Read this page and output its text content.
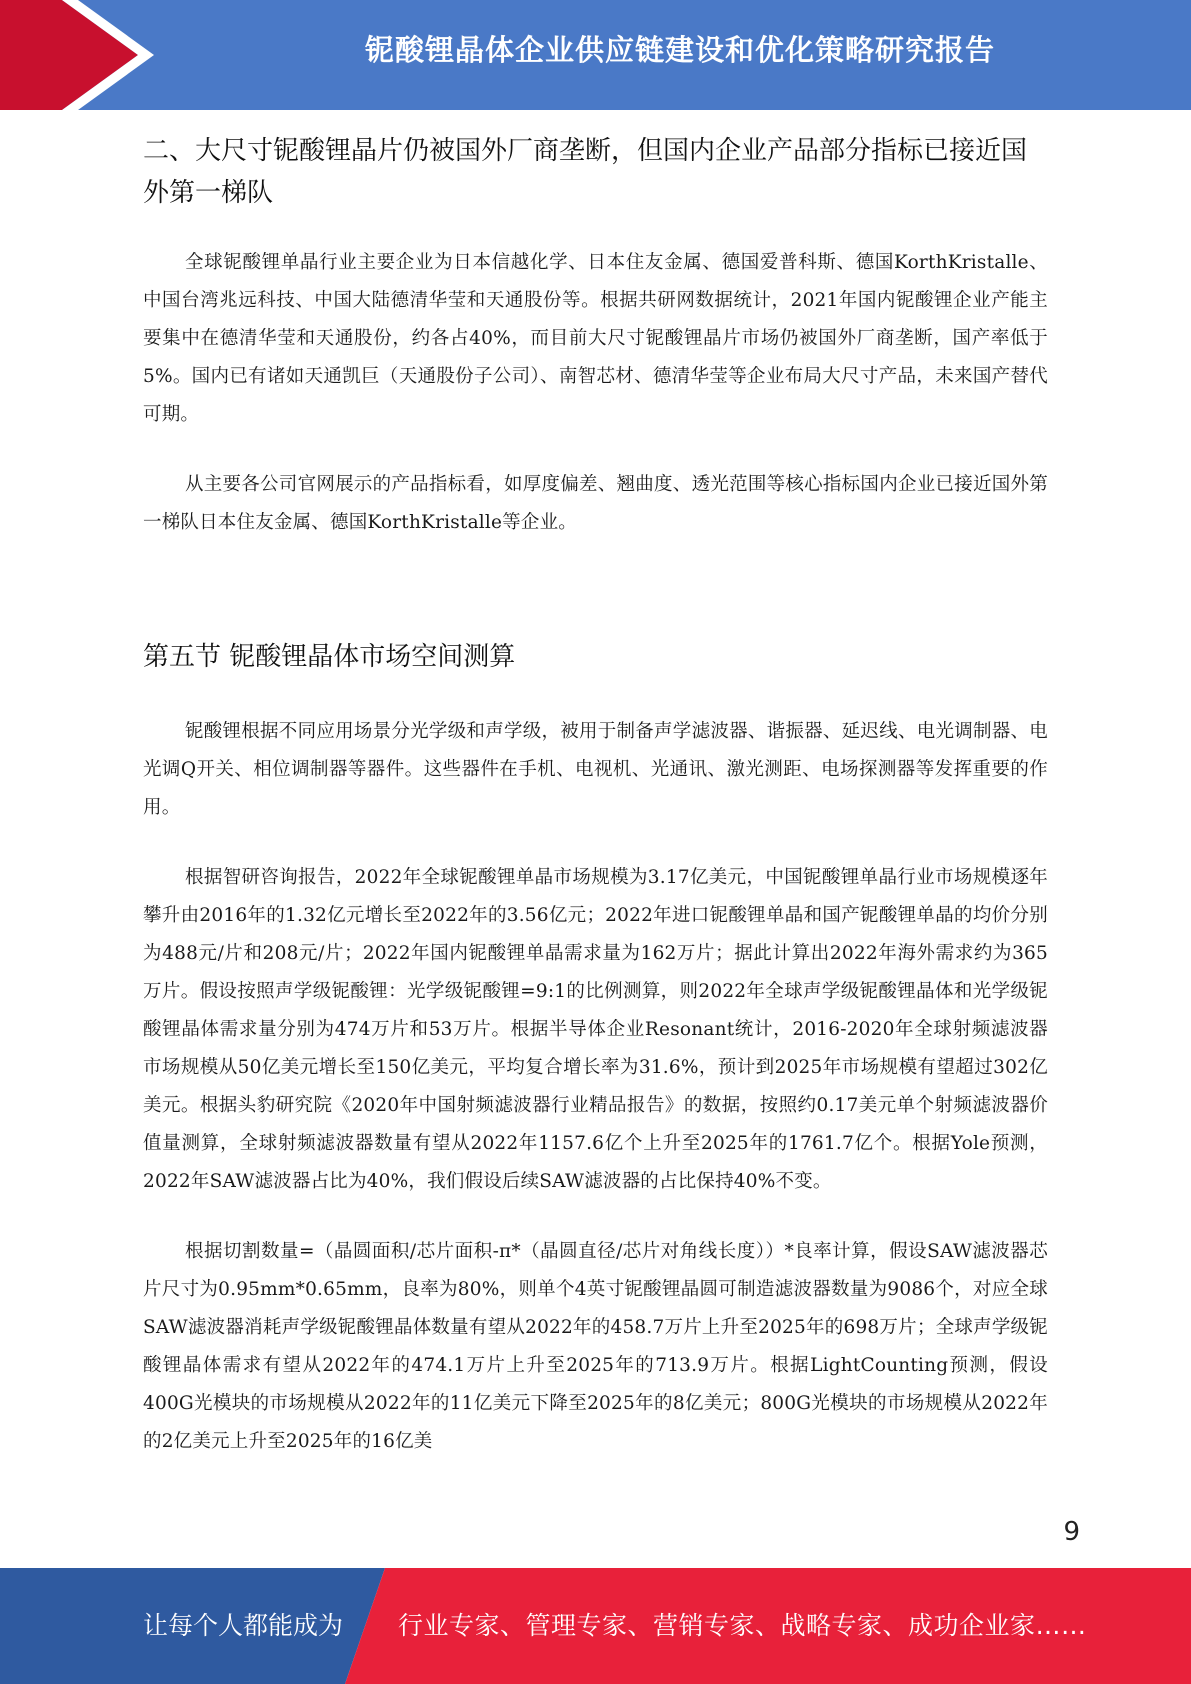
铌酸锂晶体企业供应链建设和优化策略研究报告
二、大尺寸铌酸锂晶片仍被国外厂商垄断，但国内企业产品部分指标已接近国外第一梯队

全球铌酸锂单晶行业主要企业为日本信越化学、日本住友金属、德国爱普科斯、德国KorthKristalle、中国台湾兆远科技、中国大陆德清华莹和天通股份等。根据共研网数据统计，2021年国内铌酸锂企业产能主要集中在德清华莹和天通股份，约各占40%，而目前大尺寸铌酸锂晶片市场仍被国外厂商垄断，国产率低于5%。国内已有诸如天通凯巨（天通股份子公司）、南智芯材、德清华莹等企业布局大尺寸产品，未来国产替代可期。

从主要各公司官网展示的产品指标看，如厚度偏差、翘曲度、透光范围等核心指标国内企业已接近国外第一梯队日本住友金属、德国KorthKristalle等企业。

第五节 铌酸锂晶体市场空间测算

铌酸锂根据不同应用场景分光学级和声学级，被用于制备声学滤波器、谐振器、延迟线、电光调制器、电光调Q开关、相位调制器等器件。这些器件在手机、电视机、光通讯、激光测距、电场探测器等发挥重要的作用。

根据智研咨询报告，2022年全球铌酸锂单晶市场规模为3.17亿美元，中国铌酸锂单晶行业市场规模逐年攀升由2016年的1.32亿元增长至2022年的3.56亿元；2022年进口铌酸锂单晶和国产铌酸锂单晶的均价分别为488元/片和208元/片；2022年国内铌酸锂单晶需求量为162万片；据此计算出2022年海外需求约为365万片。假设按照声学级铌酸锂：光学级铌酸锂=9:1的比例测算，则2022年全球声学级铌酸锂晶体和光学级铌酸锂晶体需求量分别为474万片和53万片。根据半导体企业Resonant统计，2016-2020年全球射频滤波器市场规模从50亿美元增长至150亿美元，平均复合增长率为31.6%，预计到2025年市场规模有望超过302亿美元。根据头豹研究院《2020年中国射频滤波器行业精品报告》的数据，按照约0.17美元单个射频滤波器价值量测算，全球射频滤波器数量有望从2022年1157.6亿个上升至2025年的1761.7亿个。根据Yole预测，2022年SAW滤波器占比为40%，我们假设后续SAW滤波器的占比保持40%不变。

根据切割数量=（晶圆面积/芯片面积-π*（晶圆直径/芯片对角线长度））*良率计算，假设SAW滤波器芯片尺寸为0.95mm*0.65mm，良率为80%，则单个4英寸铌酸锂晶圆可制造滤波器数量为9086个，对应全球SAW滤波器消耗声学级铌酸锂晶体数量有望从2022年的458.7万片上升至2025年的698万片；全球声学级铌酸锂晶体需求有望从2022年的474.1万片上升至2025年的713.9万片。根据LightCounting预测，假设400G光模块的市场规模从2022年的11亿美元下降至2025年的8亿美元；800G光模块的市场规模从2022年的2亿美元上升至2025年的16亿美

9
让每个人都能成为 行业专家、管理专家、营销专家、战略专家、成功企业家……
